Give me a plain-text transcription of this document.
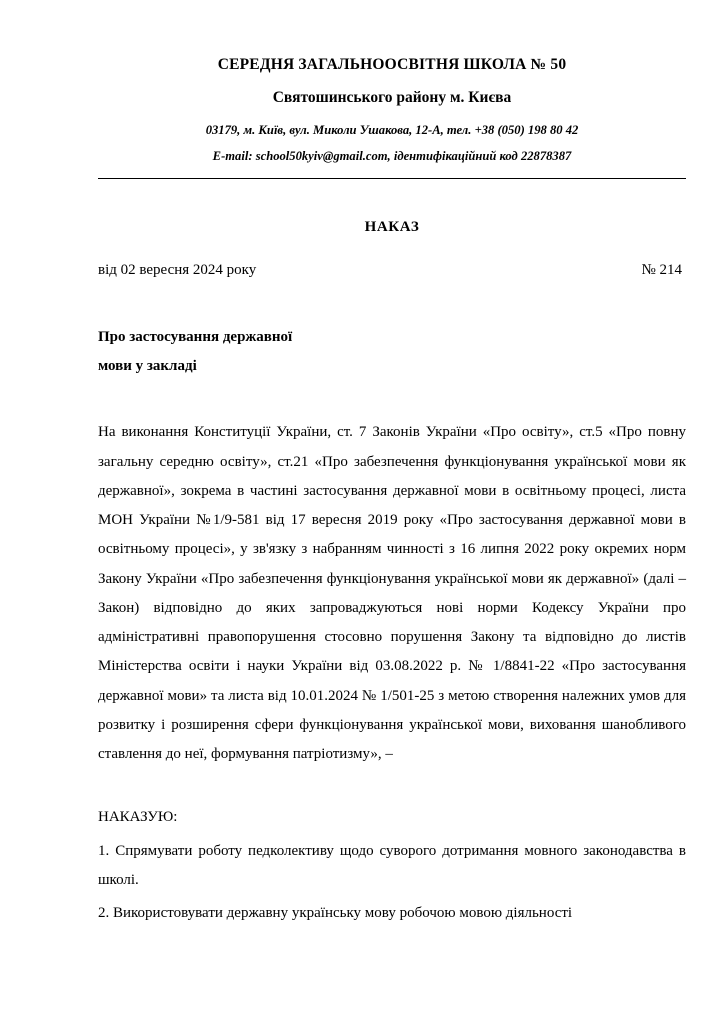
СЕРЕДНЯ ЗАГАЛЬНООСВІТНЯ ШКОЛА № 50
Святошинського району м. Києва
03179, м. Київ, вул. Миколи Ушакова, 12-А, тел. +38 (050) 198 80 42
E-mail: school50kyiv@gmail.com, ідентифікаційний код 22878387
НАКАЗ
від 02 вересня 2024 року	№ 214
Про застосування державної
мови у закладі
На виконання Конституції України, ст. 7 Законів України «Про освіту», ст.5 «Про повну загальну середню освіту», ст.21 «Про забезпечення функціонування української мови як державної», зокрема в частині застосування державної мови в освітньому процесі, листа МОН України №1/9-581 від 17 вересня 2019 року «Про застосування державної мови в освітньому процесі», у зв'язку з набранням чинності з 16 липня 2022 року окремих норм Закону України «Про забезпечення функціонування української мови як державної» (далі – Закон) відповідно до яких запроваджуються нові норми Кодексу України про адміністративні правопорушення стосовно порушення Закону та відповідно до листів Міністерства освіти і науки України від 03.08.2022 р. № 1/8841-22 «Про застосування державної мови» та листа від 10.01.2024 № 1/501-25 з метою створення належних умов для розвитку і розширення сфери функціонування української мови, виховання шанобливого ставлення до неї, формування патріотизму», –
НАКАЗУЮ:
1. Спрямувати роботу педколективу щодо суворого дотримання мовного законодавства в школі.
2. Використовувати державну українську мову робочою мовою діяльності
